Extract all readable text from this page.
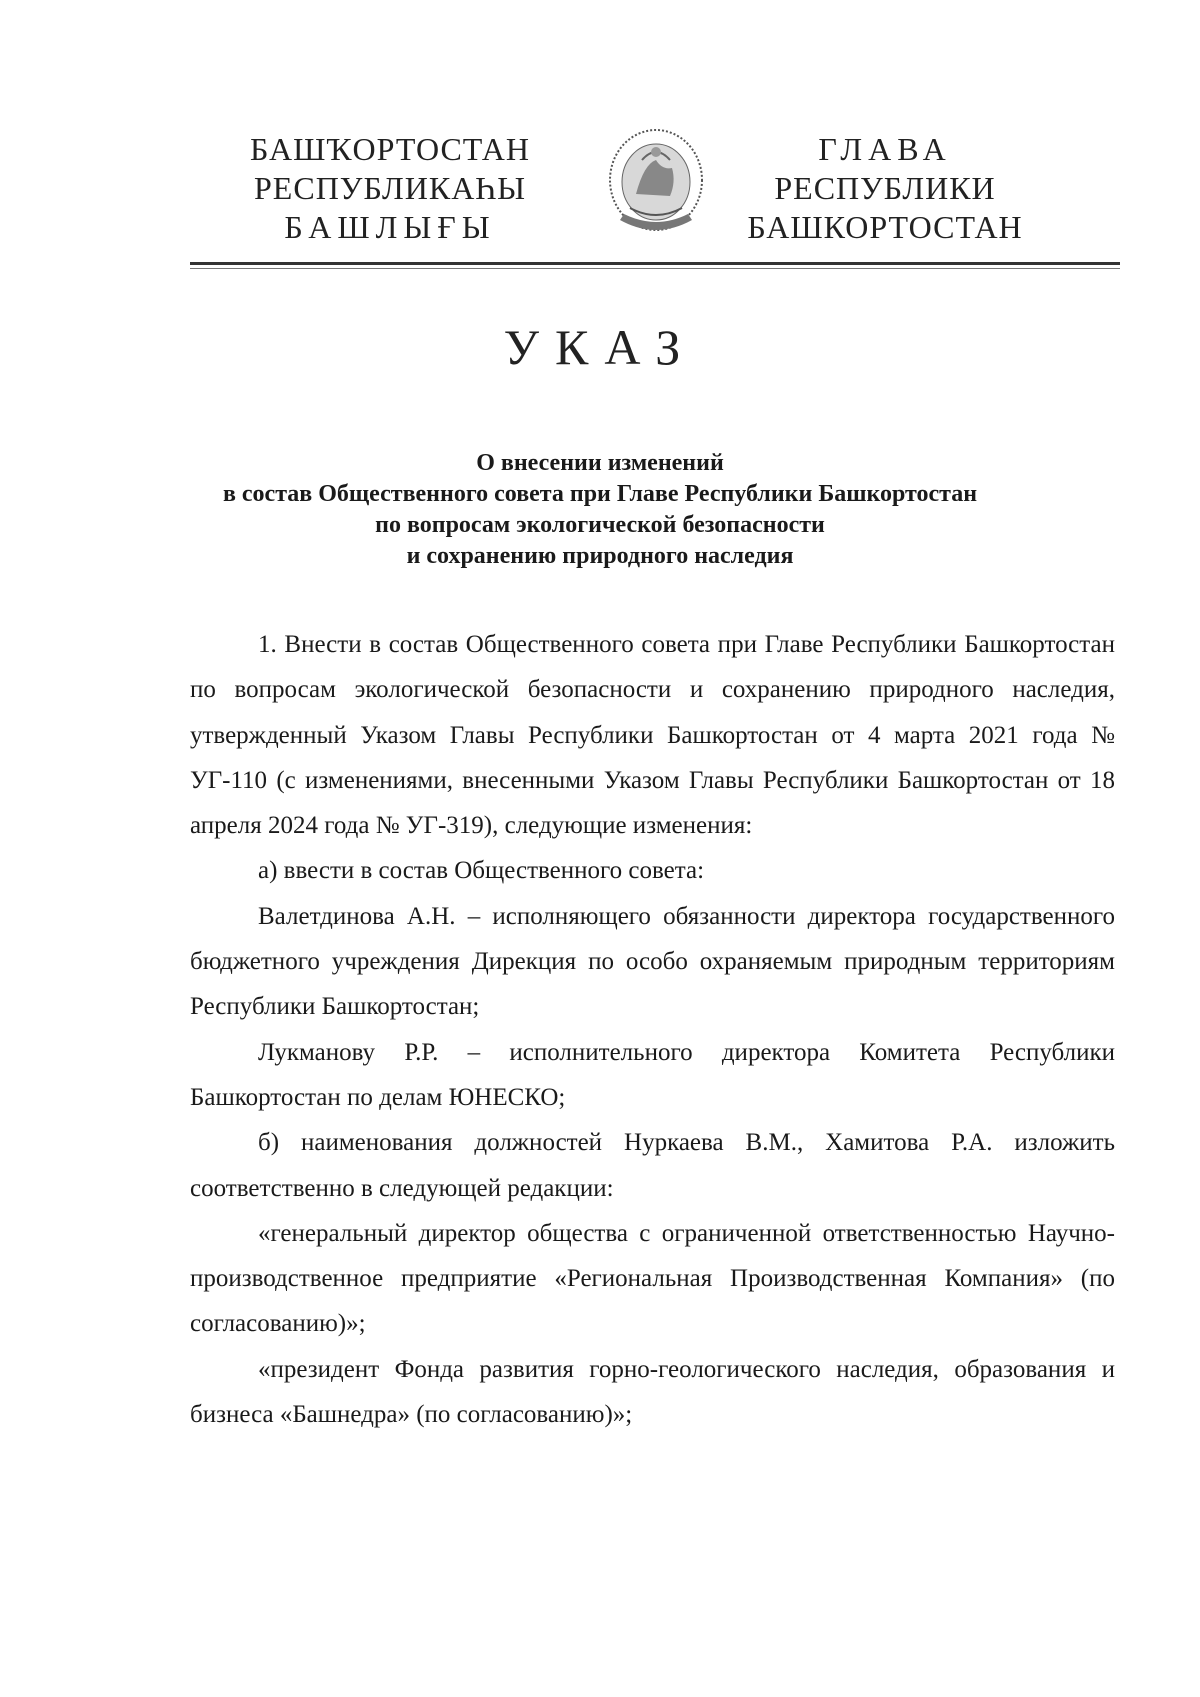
БАШҠОРТОСТАН
РЕСПУБЛИКАҺЫ
БАШЛЫҒЫ
ГЛАВА
РЕСПУБЛИКИ
БАШКОРТОСТАН
УКАЗ
О внесении изменений
в состав Общественного совета при Главе Республики Башкортостан
по вопросам экологической безопасности
и сохранению природного наследия

1. Внести в состав Общественного совета при Главе Республики Башкортостан по вопросам экологической безопасности и сохранению природного наследия, утвержденный Указом Главы Республики Башкортостан от 4 марта 2021 года № УГ-110 (с изменениями, внесенными Указом Главы Республики Башкортостан от 18 апреля 2024 года № УГ-319), следующие изменения:

а) ввести в состав Общественного совета:

Валетдинова А.Н. – исполняющего обязанности директора государственного бюджетного учреждения Дирекция по особо охраняемым природным территориям Республики Башкортостан;

Лукманову Р.Р. – исполнительного директора Комитета Республики Башкортостан по делам ЮНЕСКО;

б) наименования должностей Нуркаева В.М., Хамитова Р.А. изложить соответственно в следующей редакции:

«генеральный директор общества с ограниченной ответственностью Научно-производственное предприятие «Региональная Производственная Компания» (по согласованию)»;

«президент Фонда развития горно-геологического наследия, образования и бизнеса «Башнедра» (по согласованию)»;
